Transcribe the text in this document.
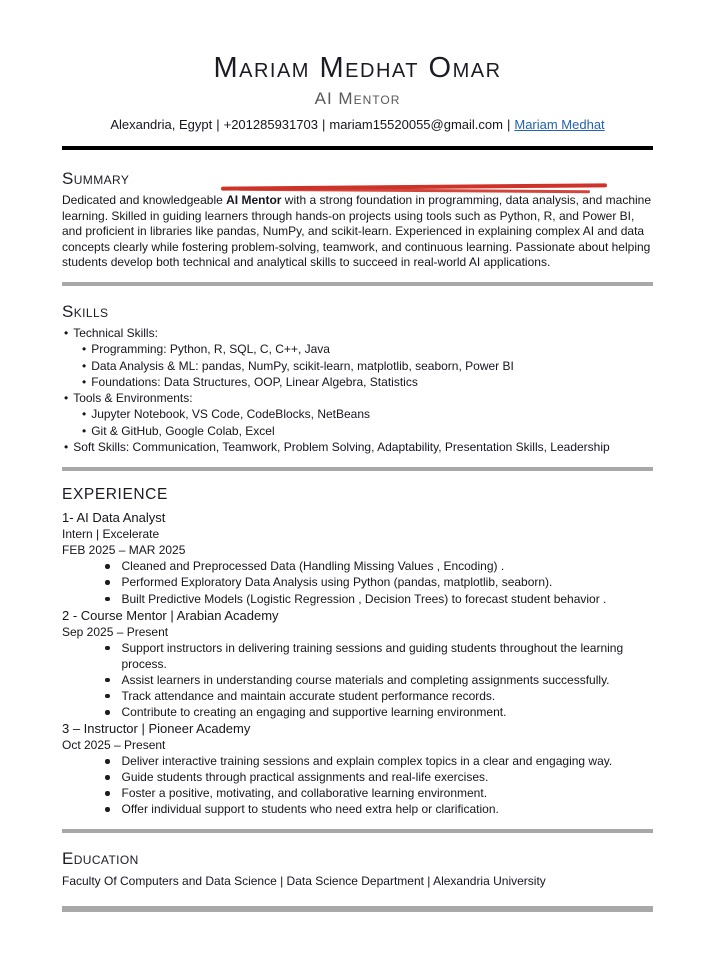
Mariam Medhat Omar
AI Mentor
Alexandria, Egypt | +201285931703 | mariam15520055@gmail.com | Mariam Medhat
Summary
Dedicated and knowledgeable AI Mentor with a strong foundation in programming, data analysis, and machine learning. Skilled in guiding learners through hands-on projects using tools such as Python, R, and Power BI, and proficient in libraries like pandas, NumPy, and scikit-learn. Experienced in explaining complex AI and data concepts clearly while fostering problem-solving, teamwork, and continuous learning. Passionate about helping students develop both technical and analytical skills to succeed in real-world AI applications.
Skills
• Technical Skills:
• Programming: Python, R, SQL, C, C++, Java
• Data Analysis & ML: pandas, NumPy, scikit-learn, matplotlib, seaborn, Power BI
• Foundations: Data Structures, OOP, Linear Algebra, Statistics
• Tools & Environments:
• Jupyter Notebook, VS Code, CodeBlocks, NetBeans
• Git & GitHub, Google Colab, Excel
• Soft Skills: Communication, Teamwork, Problem Solving, Adaptability, Presentation Skills, Leadership
EXPERIENCE
1- AI Data Analyst
Intern | Excelerate
FEB 2025 – MAR 2025
Cleaned and Preprocessed Data (Handling Missing Values , Encoding) .
Performed Exploratory Data Analysis using Python (pandas, matplotlib, seaborn).
Built Predictive Models (Logistic Regression , Decision Trees) to forecast student behavior .
2 - Course Mentor | Arabian Academy
Sep 2025 – Present
Support instructors in delivering training sessions and guiding students throughout the learning process.
Assist learners in understanding course materials and completing assignments successfully.
Track attendance and maintain accurate student performance records.
Contribute to creating an engaging and supportive learning environment.
3 – Instructor | Pioneer Academy
Oct 2025 – Present
Deliver interactive training sessions and explain complex topics in a clear and engaging way.
Guide students through practical assignments and real-life exercises.
Foster a positive, motivating, and collaborative learning environment.
Offer individual support to students who need extra help or clarification.
Education
Faculty Of Computers and Data Science | Data Science Department | Alexandria University
